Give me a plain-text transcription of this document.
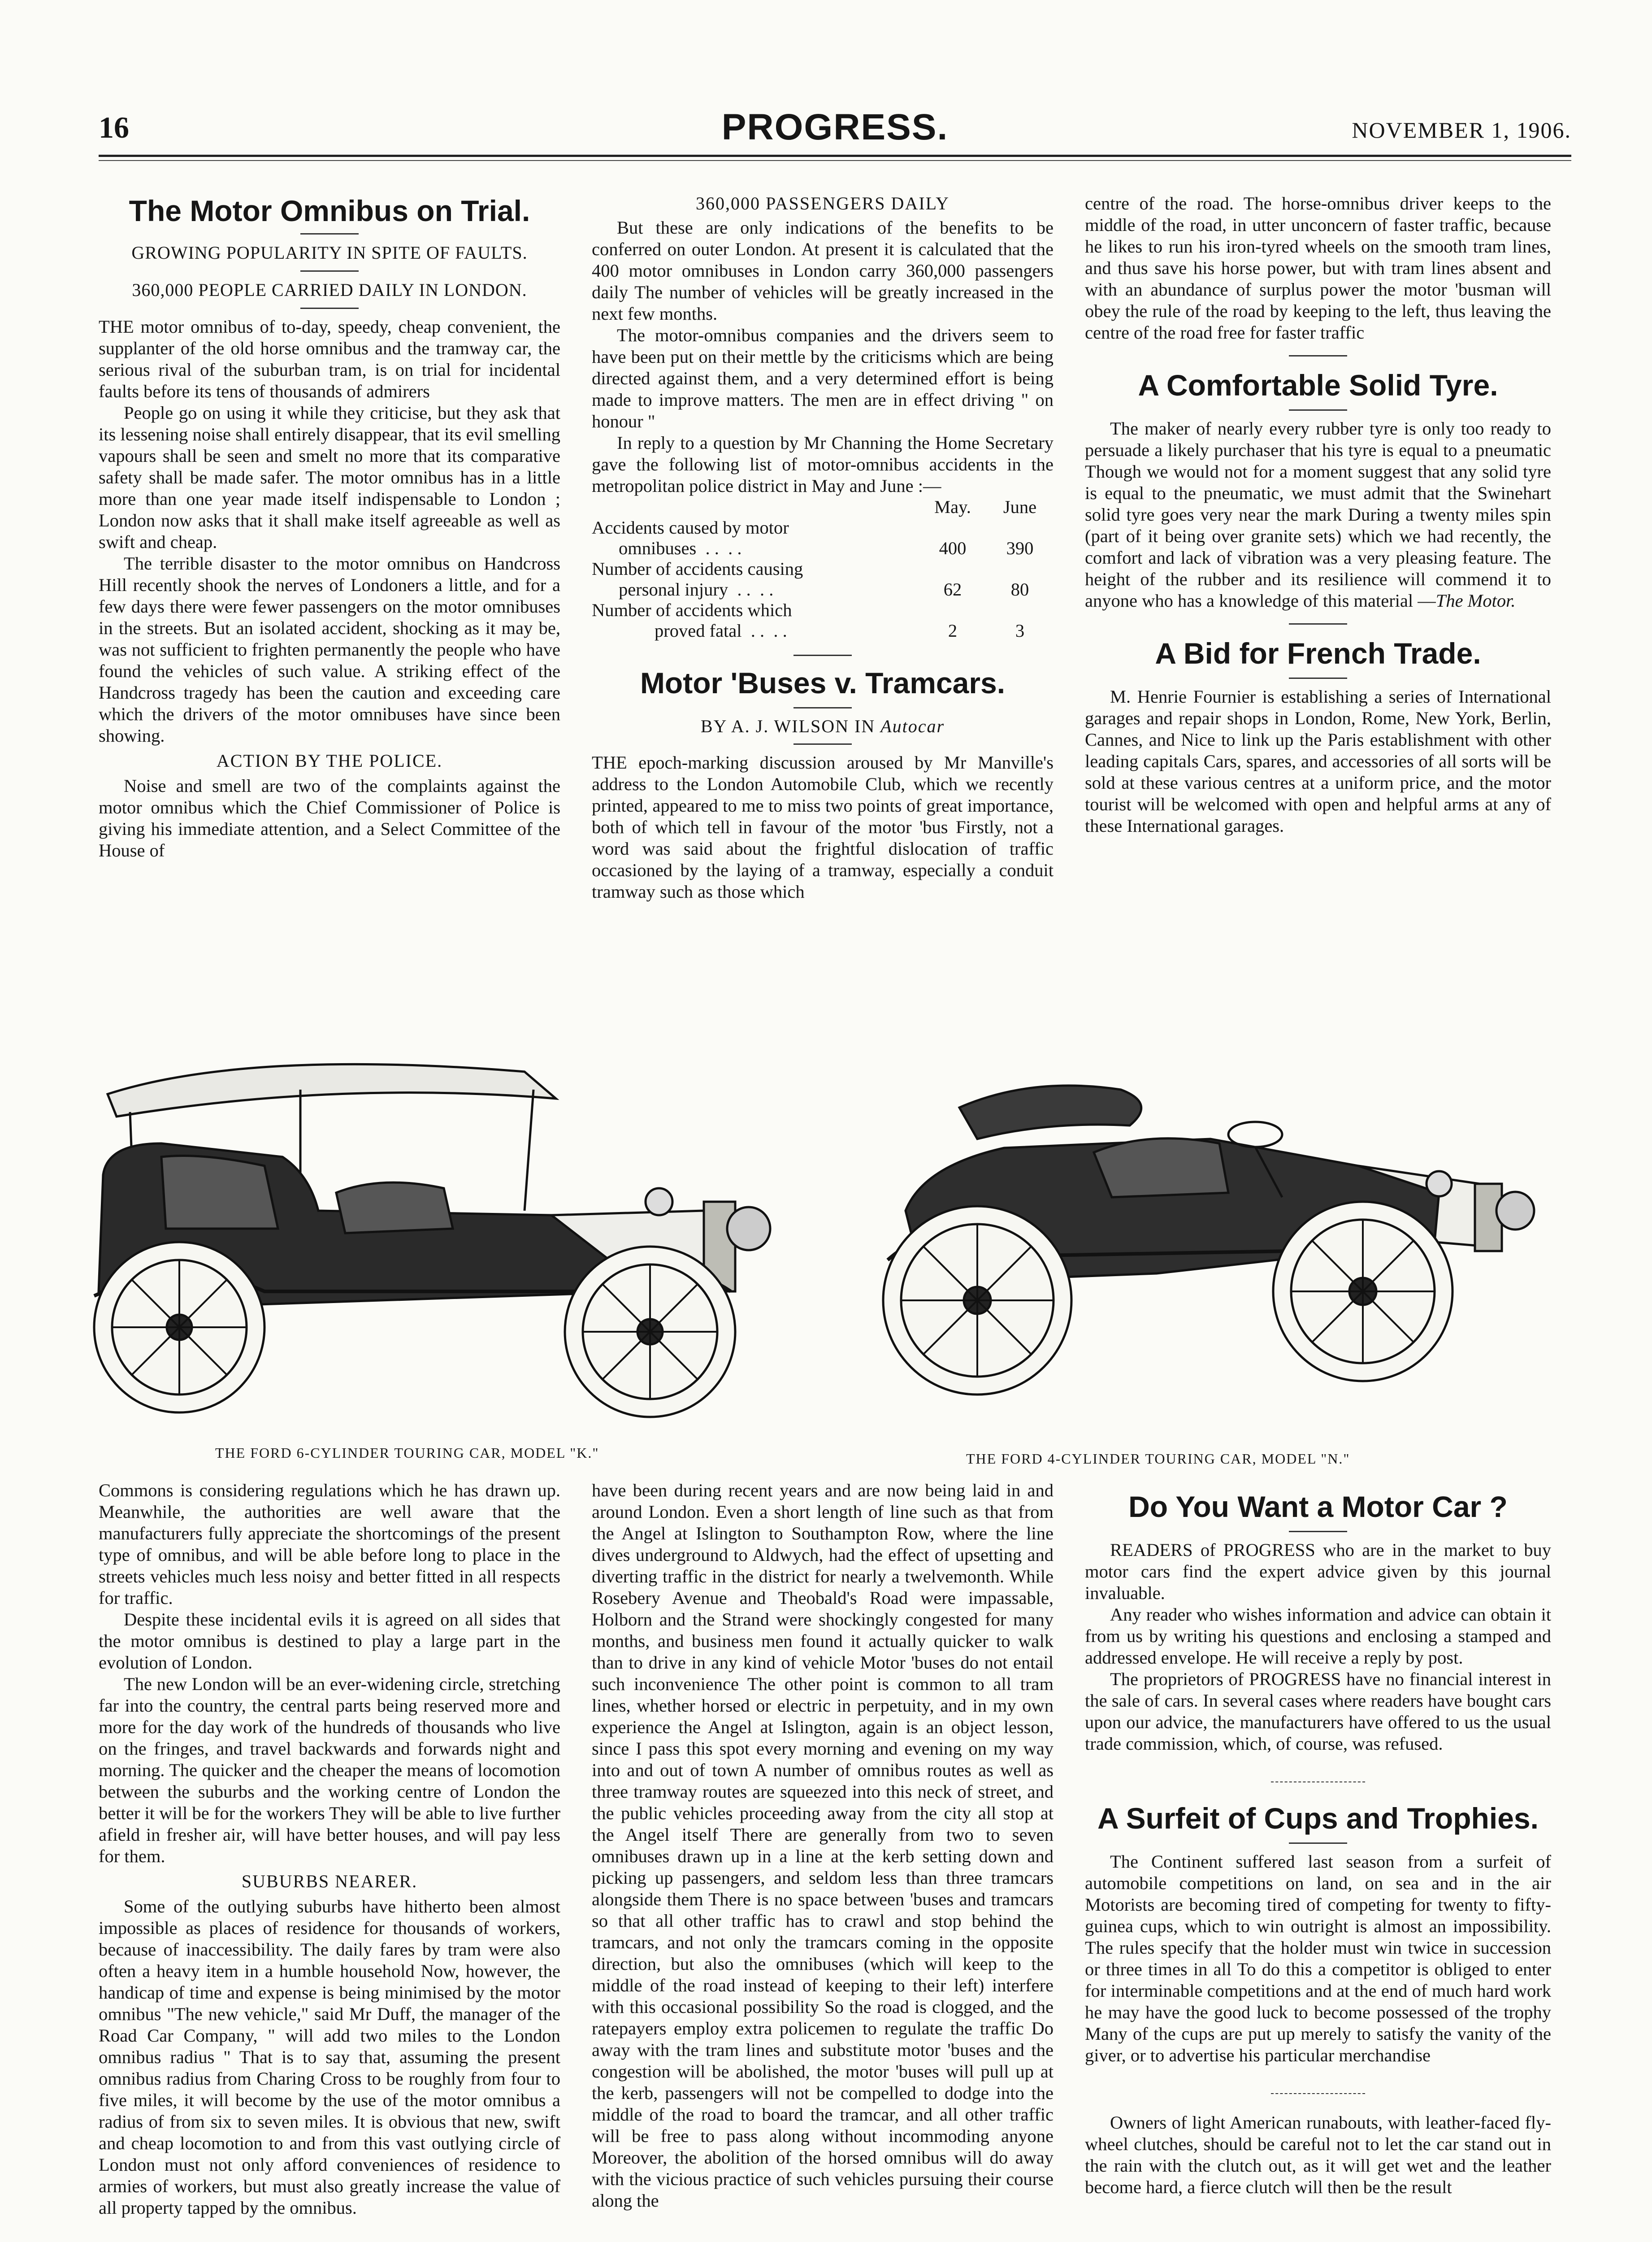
16	PROGRESS.	NOVEMBER 1, 1906.
The Motor Omnibus on Trial.

GROWING POPULARITY IN SPITE OF FAULTS.

360,000 PEOPLE CARRIED DAILY IN LONDON.

THE motor omnibus of to-day, speedy, cheap convenient, the supplanter of the old horse omnibus and the tramway car, the serious rival of the suburban tram, is on trial for incidental faults before its tens of thousands of admirers

People go on using it while they criticise, but they ask that its lessening noise shall entirely disappear, that its evil smelling vapours shall be seen and smelt no more that its comparative safety shall be made safer. The motor omnibus has in a little more than one year made itself indispensable to London ; London now asks that it shall make itself agreeable as well as swift and cheap.

The terrible disaster to the motor omnibus on Handcross Hill recently shook the nerves of Londoners a little, and for a few days there were fewer passengers on the motor omnibuses in the streets. But an isolated accident, shocking as it may be, was not sufficient to frighten permanently the people who have found the vehicles of such value. A striking effect of the Handcross tragedy has been the caution and exceeding care which the drivers of the motor omnibuses have since been showing.

ACTION BY THE POLICE.

Noise and smell are two of the complaints against the motor omnibus which the Chief Commissioner of Police is giving his immediate attention, and a Select Committee of the House of

360,000 PASSENGERS DAILY

But these are only indications of the benefits to be conferred on outer London. At present it is calculated that the 400 motor omnibuses in London carry 360,000 passengers daily The number of vehicles will be greatly increased in the next few months.

The motor-omnibus companies and the drivers seem to have been put on their mettle by the criticisms which are being directed against them, and a very determined effort is being made to improve matters. The men are in effect driving " on honour "

In reply to a question by Mr Channing the Home Secretary gave the following list of motor-omnibus accidents in the metropolitan police district in May and June :—

	May.	June
Accidents caused by motor		
omnibuses  . .  . .	400	390
Number of accidents causing		
personal injury  . .  . .	62	80
Number of accidents which		
proved fatal  . .  . .	2	3
Motor 'Buses v. Tramcars.

BY A. J. WILSON IN Autocar

THE epoch-marking discussion aroused by Mr Manville's address to the London Automobile Club, which we recently printed, appeared to me to miss two points of great importance, both of which tell in favour of the motor 'bus Firstly, not a word was said about the frightful dislocation of traffic occasioned by the laying of a tramway, especially a conduit tramway such as those which

centre of the road. The horse-omnibus driver keeps to the middle of the road, in utter unconcern of faster traffic, because he likes to run his iron-tyred wheels on the smooth tram lines, and thus save his horse power, but with tram lines absent and with an abundance of surplus power the motor 'busman will obey the rule of the road by keeping to the left, thus leaving the centre of the road free for faster traffic

A Comfortable Solid Tyre.

The maker of nearly every rubber tyre is only too ready to persuade a likely purchaser that his tyre is equal to a pneumatic Though we would not for a moment suggest that any solid tyre is equal to the pneumatic, we must admit that the Swinehart solid tyre goes very near the mark During a twenty miles spin (part of it being over granite sets) which we had recently, the comfort and lack of vibration was a very pleasing feature. The height of the rubber and its resilience will commend it to anyone who has a knowledge of this material —The Motor.

A Bid for French Trade.

M. Henrie Fournier is establishing a series of International garages and repair shops in London, Rome, New York, Berlin, Cannes, and Nice to link up the Paris establishment with other leading capitals Cars, spares, and accessories of all sorts will be sold at these various centres at a uniform price, and the motor tourist will be welcomed with open and helpful arms at any of these International garages.

THE FORD 6-CYLINDER TOURING CAR, MODEL "K."	THE FORD 4-CYLINDER TOURING CAR, MODEL "N."

Commons is considering regulations which he has drawn up. Meanwhile, the authorities are well aware that the manufacturers fully appreciate the shortcomings of the present type of omnibus, and will be able before long to place in the streets vehicles much less noisy and better fitted in all respects for traffic.

Despite these incidental evils it is agreed on all sides that the motor omnibus is destined to play a large part in the evolution of London.

The new London will be an ever-widening circle, stretching far into the country, the central parts being reserved more and more for the day work of the hundreds of thousands who live on the fringes, and travel backwards and forwards night and morning. The quicker and the cheaper the means of locomotion between the suburbs and the working centre of London the better it will be for the workers They will be able to live further afield in fresher air, will have better houses, and will pay less for them.

SUBURBS NEARER.

Some of the outlying suburbs have hitherto been almost impossible as places of residence for thousands of workers, because of inaccessibility. The daily fares by tram were also often a heavy item in a humble household Now, however, the handicap of time and expense is being minimised by the motor omnibus "The new vehicle," said Mr Duff, the manager of the Road Car Company, " will add two miles to the London omnibus radius " That is to say that, assuming the present omnibus radius from Charing Cross to be roughly from four to five miles, it will become by the use of the motor omnibus a radius of from six to seven miles. It is obvious that new, swift and cheap locomotion to and from this vast outlying circle of London must not only afford conveniences of residence to armies of workers, but must also greatly increase the value of all property tapped by the omnibus.

have been during recent years and are now being laid in and around London. Even a short length of line such as that from the Angel at Islington to Southampton Row, where the line dives underground to Aldwych, had the effect of upsetting and diverting traffic in the district for nearly a twelvemonth. While Rosebery Avenue and Theobald's Road were impassable, Holborn and the Strand were shockingly congested for many months, and business men found it actually quicker to walk than to drive in any kind of vehicle Motor 'buses do not entail such inconvenience The other point is common to all tram lines, whether horsed or electric in perpetuity, and in my own experience the Angel at Islington, again is an object lesson, since I pass this spot every morning and evening on my way into and out of town A number of omnibus routes as well as three tramway routes are squeezed into this neck of street, and the public vehicles proceeding away from the city all stop at the Angel itself There are generally from two to seven omnibuses drawn up in a line at the kerb setting down and picking up passengers, and seldom less than three tramcars alongside them There is no space between 'buses and tramcars so that all other traffic has to crawl and stop behind the tramcars, and not only the tramcars coming in the opposite direction, but also the omnibuses (which will keep to the middle of the road instead of keeping to their left) interfere with this occasional possibility So the road is clogged, and the ratepayers employ extra policemen to regulate the traffic Do away with the tram lines and substitute motor 'buses and the congestion will be abolished, the motor 'buses will pull up at the kerb, passengers will not be compelled to dodge into the middle of the road to board the tramcar, and all other traffic will be free to pass along without incommoding anyone Moreover, the abolition of the horsed omnibus will do away with the vicious practice of such vehicles pursuing their course along the

Do You Want a Motor Car ?

READERS of PROGRESS who are in the market to buy motor cars find the expert advice given by this journal invaluable.

Any reader who wishes information and advice can obtain it from us by writing his questions and enclosing a stamped and addressed envelope. He will receive a reply by post.

The proprietors of PROGRESS have no financial interest in the sale of cars. In several cases where readers have bought cars upon our advice, the manufacturers have offered to us the usual trade commission, which, of course, was refused.

A Surfeit of Cups and Trophies.

The Continent suffered last season from a surfeit of automobile competitions on land, on sea and in the air Motorists are becoming tired of competing for twenty to fifty-guinea cups, which to win outright is almost an impossibility. The rules specify that the holder must win twice in succession or three times in all To do this a competitor is obliged to enter for interminable competitions and at the end of much hard work he may have the good luck to become possessed of the trophy Many of the cups are put up merely to satisfy the vanity of the giver, or to advertise his particular merchandise

Owners of light American runabouts, with leather-faced fly-wheel clutches, should be careful not to let the car stand out in the rain with the clutch out, as it will get wet and the leather become hard, a fierce clutch will then be the result
